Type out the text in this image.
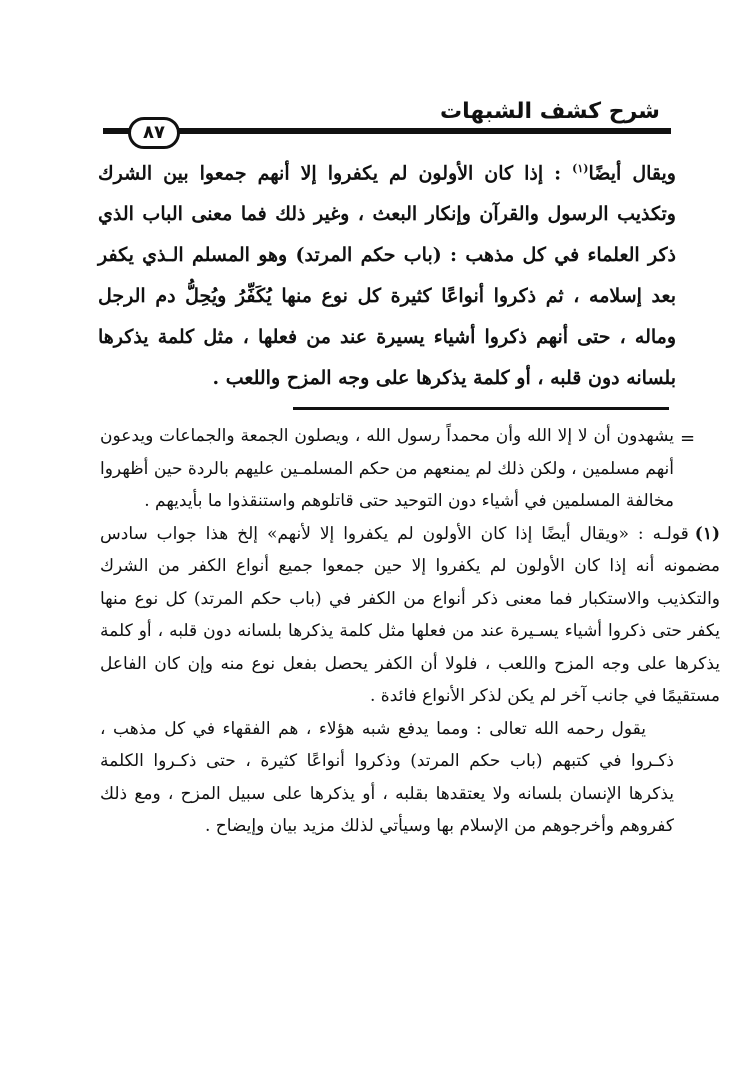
شرح كشف الشبهات
٨٧

ويقال أيضًا$^{(١)}$ : إذا كان الأولون لم يكفروا إلا أنهم جمعوا بين الشرك وتكذيب الرسول والقرآن وإنكار البعث ، وغير ذلك فما معنى الباب الذي ذكر العلماء في كل مذهب : (باب حكم المرتد) وهو المسلم الـذي يكفر بعد إسلامه ، ثم ذكروا أنواعًا كثيرة كل نوع منها يُكَفِّرُ ويُحِلُّ دم الرجل وماله ، حتى أنهم ذكروا أشياء يسيرة عند من فعلها ، مثل كلمة يذكرها بلسانه دون قلبه ، أو كلمة يذكرها على وجه المزح واللعب .

=

يشهدون أن لا إلا الله وأن محمداً رسول الله ، ويصلون الجمعة والجماعات ويدعون أنهم مسلمين ، ولكن ذلك لم يمنعهم من حكم المسلمـين عليهم بالردة حين أظهروا مخالفة المسلمين في أشياء دون التوحيد حتى قاتلوهم واستنقذوا ما بأيديهم .

(١)قولـه : «ويقال أيضًا إذا كان الأولون لم يكفروا إلا لأنهم» إلخ هذا جواب سادس مضمونه أنه إذا كان الأولون لم يكفروا إلا حين جمعوا جميع أنواع الكفر من الشرك والتكذيب والاستكبار فما معنى ذكر أنواع من الكفر في (باب حكم المرتد) كل نوع منها يكفر حتى ذكروا أشياء يسـيرة عند من فعلها مثل كلمة يذكرها بلسانه دون قلبه ، أو كلمة يذكرها على وجه المزح واللعب ، فلولا أن الكفر يحصل بفعل نوع منه وإن كان الفاعل مستقيمًا في جانب آخر لم يكن لذكر الأنواع فائدة .

يقول رحمه الله تعالى : ومما يدفع شبه هؤلاء ، هم الفقهاء في كل مذهب ، ذكـروا في كتبهم (باب حكم المرتد) وذكروا أنواعًا كثيرة ، حتى ذكـروا الكلمة يذكرها الإنسان بلسانه ولا يعتقدها بقلبه ، أو يذكرها على سبيل المزح ، ومع ذلك كفروهم وأخرجوهم من الإسلام بها وسيأتي لذلك مزيد بيان وإيضاح .
